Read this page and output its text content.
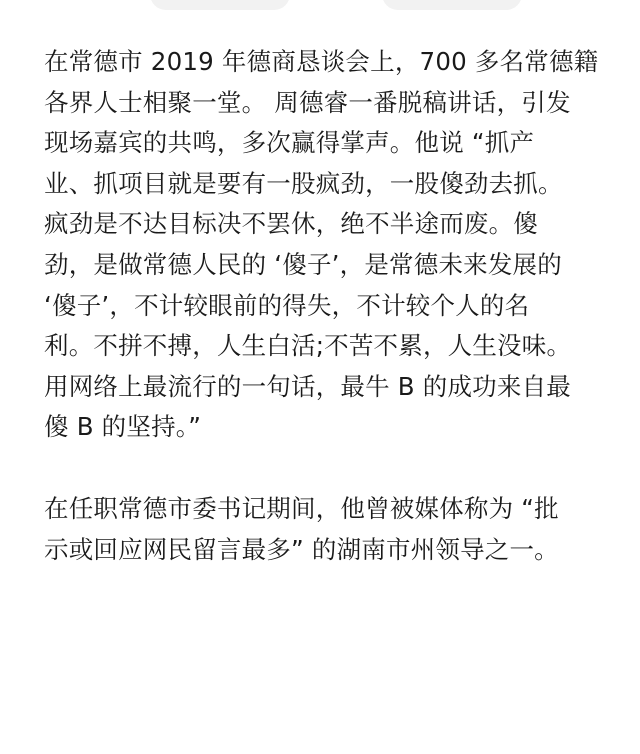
在常德市 2019 年德商恳谈会上，700 多名常德籍
各界人士相聚一堂。 周德睿一番脱稿讲话，引发
现场嘉宾的共鸣，多次赢得掌声。他说 “抓产
业、抓项目就是要有一股疯劲，一股傻劲去抓。
疯劲是不达目标决不罢休，绝不半途而废。傻
劲，是做常德人民的 ‘傻子’，是常德未来发展的
‘傻子’，不计较眼前的得失，不计较个人的名
利。不拼不搏，人生白活;不苦不累，人生没味。
用网络上最流行的一句话，最牛 B 的成功来自最
傻 B 的坚持。”

在任职常德市委书记期间，他曾被媒体称为 “批
示或回应网民留言最多” 的湖南市州领导之一。
